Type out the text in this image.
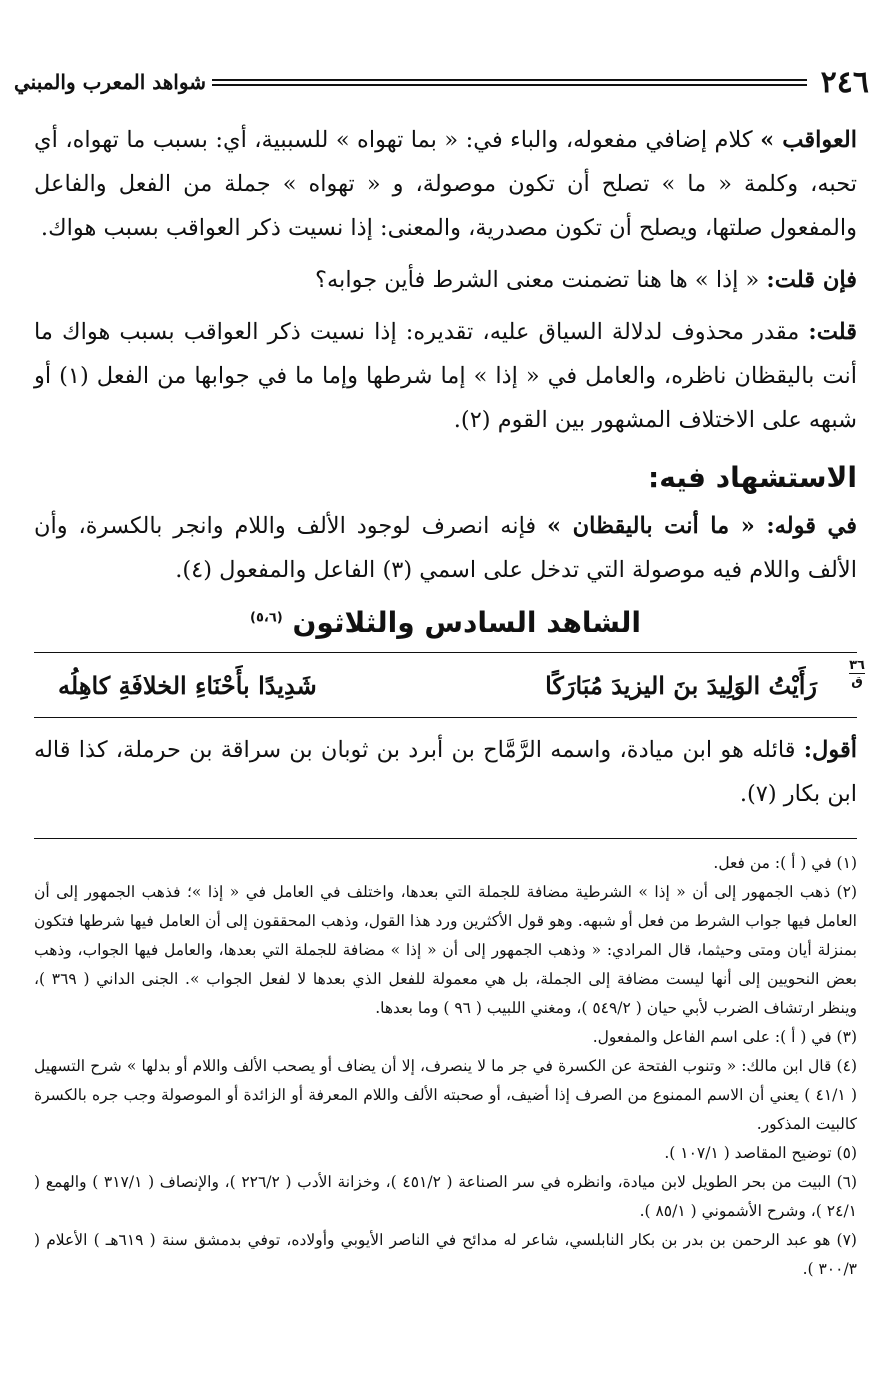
٢٤٦
شواهد المعرب والمبني

العواقب » كلام إضافي مفعوله، والباء في: « بما تهواه » للسببية، أي: بسبب ما تهواه، أي تحبه، وكلمة « ما » تصلح أن تكون موصولة، و « تهواه » جملة من الفعل والفاعل والمفعول صلتها، ويصلح أن تكون مصدرية، والمعنى: إذا نسيت ذكر العواقب بسبب هواك.

فإن قلت: « إذا » ها هنا تضمنت معنى الشرط فأين جوابه؟

قلت: مقدر محذوف لدلالة السياق عليه، تقديره: إذا نسيت ذكر العواقب بسبب هواك ما أنت باليقظان ناظره، والعامل في « إذا » إما شرطها وإما ما في جوابها من الفعل (١) أو شبهه على الاختلاف المشهور بين القوم (٢).

الاستشهاد فيه:

في قوله: « ما أنت باليقظان » فإنه انصرف لوجود الألف واللام وانجر بالكسرة، وأن الألف واللام فيه موصولة التي تدخل على اسمي (٣) الفاعل والمفعول (٤).

الشاهد السادس والثلاثون $^{(٥،٦)}$
٣٦
ق
رَأَيْتُ الوَلِيدَ بنَ اليزيدَ مُبَارَكًا
شَدِيدًا بأَحْنَاءِ الخلافَةِ كاهِلُه

أقول: قائله هو ابن ميادة، واسمه الرَّمَّاح بن أبرد بن ثوبان بن سراقة بن حرملة، كذا قاله ابن بكار (٧).

(١) في ( أ ): من فعل.

(٢) ذهب الجمهور إلى أن « إذا » الشرطية مضافة للجملة التي بعدها، واختلف في العامل في « إذا »؛ فذهب الجمهور إلى أن العامل فيها جواب الشرط من فعل أو شبهه. وهو قول الأكثرين ورد هذا القول، وذهب المحققون إلى أن العامل فيها شرطها فتكون بمنزلة أيان ومتى وحيثما، قال المرادي: « وذهب الجمهور إلى أن « إذا » مضافة للجملة التي بعدها، والعامل فيها الجواب، وذهب بعض النحويين إلى أنها ليست مضافة إلى الجملة، بل هي معمولة للفعل الذي بعدها لا لفعل الجواب ». الجنى الداني ( ٣٦٩ )، وينظر ارتشاف الضرب لأبي حيان ( ٥٤٩/٢ )، ومغني اللبيب ( ٩٦ ) وما بعدها.

(٣) في ( أ ): على اسم الفاعل والمفعول.

(٤) قال ابن مالك: « وتنوب الفتحة عن الكسرة في جر ما لا ينصرف، إلا أن يضاف أو يصحب الألف واللام أو بدلها » شرح التسهيل ( ٤١/١ ) يعني أن الاسم الممنوع من الصرف إذا أضيف، أو صحبته الألف واللام المعرفة أو الزائدة أو الموصولة وجب جره بالكسرة كالبيت المذكور.

(٥) توضيح المقاصد ( ١٠٧/١ ).

(٦) البيت من بحر الطويل لابن ميادة، وانظره في سر الصناعة ( ٤٥١/٢ )، وخزانة الأدب ( ٢٢٦/٢ )، والإنصاف ( ٣١٧/١ ) والهمع ( ٢٤/١ )، وشرح الأشموني ( ٨٥/١ ).

(٧) هو عبد الرحمن بن بدر بن بكار النابلسي، شاعر له مدائح في الناصر الأيوبي وأولاده، توفي بدمشق سنة ( ٦١٩هـ ) الأعلام ( ٣٠٠/٣ ).
